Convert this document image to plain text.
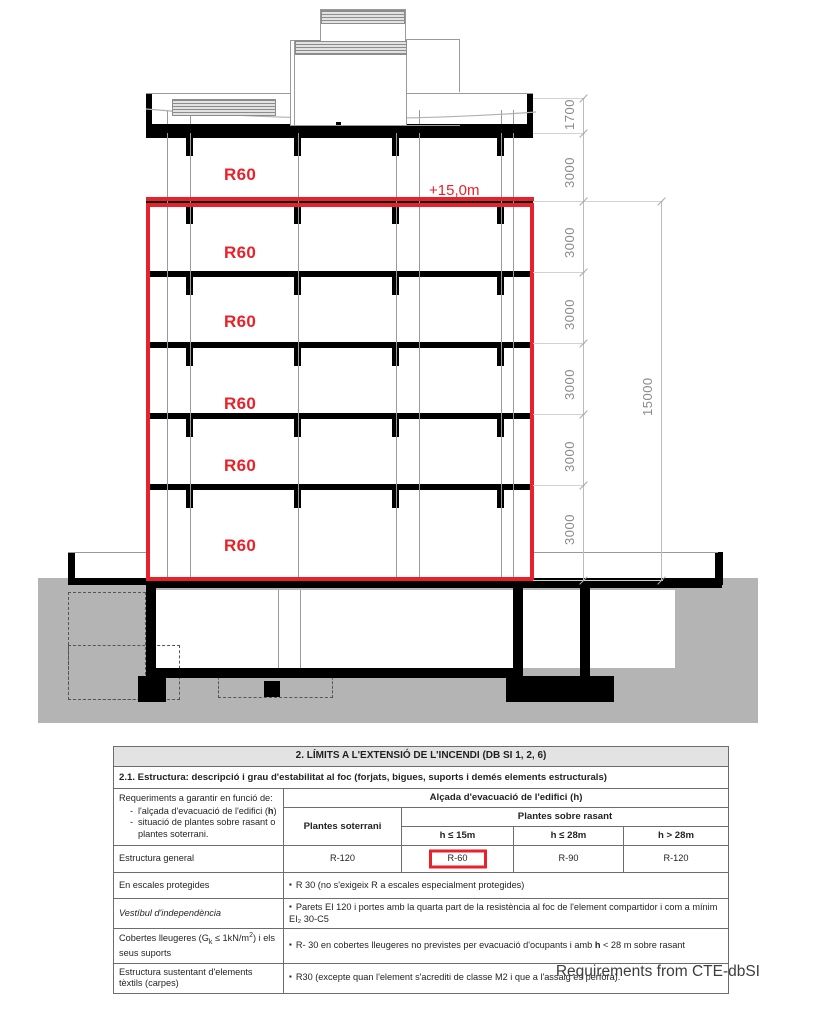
R60
R60
R60
R60
R60
R60
+15,0m
1700
3000
3000
3000
3000
3000
3000
15000
2. LÍMITS A L'EXTENSIÓ DE L'INCENDI (DB SI 1, 2, 6)				
2.1. Estructura: descripció i grau d'estabilitat al foc (forjats, bigues, suports i demés elements estructurals)				
Requeriments a garantir en funció de:
- l'alçada d'evacuació de l'edifici (h)
- situació de plantes sobre rasant o plantes soterrani.
	Alçada d'evacuació de l'edifici (h)
	Plantes soterrani	Plantes sobre rasant		
		h ≤ 15m	h ≤ 28m	h > 28m
Estructura general	R-120	R-60	R-90	R-120
En escales protegides	▪ R 30 (no s'exigeix R a escales especialment protegides)
Vestíbul d'independència	▪ Parets EI 120 i portes amb la quarta part de la resistència al foc de l'element compartidor i com a mínim EI₂ 30-C5
Cobertes lleugeres $(G_k \le 1kN/m^2)$ i els seus suports	▪ R- 30 en cobertes lleugeres no previstes per evacuació d'ocupants i amb h < 28 m sobre rasant
Estructura sustentant d'elements tèxtils (carpes)	▪ R30 (excepte quan l'element s'acrediti de classe M2 i que a l'assaig es perfora).
Requirements from CTE-dbSI
